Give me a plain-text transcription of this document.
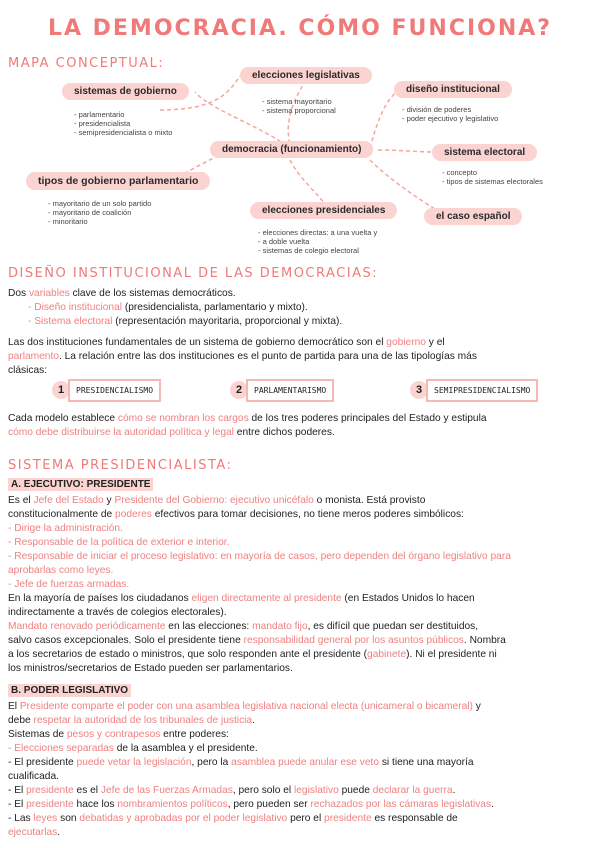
LA DEMOCRACIA. CÓMO FUNCIONA?
MAPA CONCEPTUAL:
sistemas de gobierno
- parlamentario
- presidencialista
- semipresidencialista o mixto
elecciones legislativas
- sistema mayoritario
- sistema proporcional
diseño institucional
- división de poderes
- poder ejecutivo y legislativo
democracia (funcionamiento)	sistema electoral
- concepto
- tipos de sistemas electorales
tipos de gobierno parlamentario
- mayoritario de un solo partido
- mayoritario de coalición
- minoritario
elecciones presidenciales
- elecciones directas: a una vuelta y
- a doble vuelta
- sistemas de colegio electoral
el caso español
DISEÑO INSTITUCIONAL DE LAS DEMOCRACIAS:
Dos variables clave de los sistemas democráticos.
- Diseño institucional (presidencialista, parlamentario y mixto).
- Sistema electoral (representación mayoritaria, proporcional y mixta).
Las dos instituciones fundamentales de un sistema de gobierno democrático son el gobierno y el
parlamento. La relación entre las dos instituciones es el punto de partida para una de las tipologías más
clásicas:
1	PRESIDENCIALISMO	2	PARLAMENTARISMO	3	SEMIPRESIDENCIALISMO
Cada modelo establece cómo se nombran los cargos de los tres poderes principales del Estado y estipula
cómo debe distribuirse la autoridad política y legal entre dichos poderes.
SISTEMA PRESIDENCIALISTA:
A. EJECUTIVO: PRESIDENTE
Es el Jefe del Estado y Presidente del Gobierno: ejecutivo unicéfalo o monista. Está provisto
constitucionalmente de poderes efectivos para tomar decisiones, no tiene meros poderes simbólicos:
- Dirige la administración.
- Responsable de la política de exterior e interior.
- Responsable de iniciar el proceso legislativo: en mayoría de casos, pero dependen del órgano legislativo para
aprobarlas como leyes.
- Jefe de fuerzas armadas.
En la mayoría de países los ciudadanos eligen directamente al presidente (en Estados Unidos lo hacen
indirectamente a través de colegios electorales).
Mandato renovado periódicamente en las elecciones: mandato fijo, es difícil que puedan ser destituidos,
salvo casos excepcionales. Solo el presidente tiene responsabilidad general por los asuntos públicos. Nombra
a los secretarios de estado o ministros, que solo responden ante el presidente (gabinete). Ni el presidente ni
los ministros/secretarios de Estado pueden ser parlamentarios.
B. PODER LEGISLATIVO
El Presidente comparte el poder con una asamblea legislativa nacional electa (unicameral o bicameral) y
debe respetar la autoridad de los tribunales de justicia.
Sistemas de pesos y contrapesos entre poderes:
- Elecciones separadas de la asamblea y el presidente.
- El presidente puede vetar la legislación, pero la asamblea puede anular ese veto si tiene una mayoría
cualificada.
- El presidente es el Jefe de las Fuerzas Armadas, pero solo el legislativo puede declarar la guerra.
- El presidente hace los nombramientos políticos, pero pueden ser rechazados por las cámaras legislativas.
- Las leyes son debatidas y aprobadas por el poder legislativo pero el presidente es responsable de
ejecutarlas.
